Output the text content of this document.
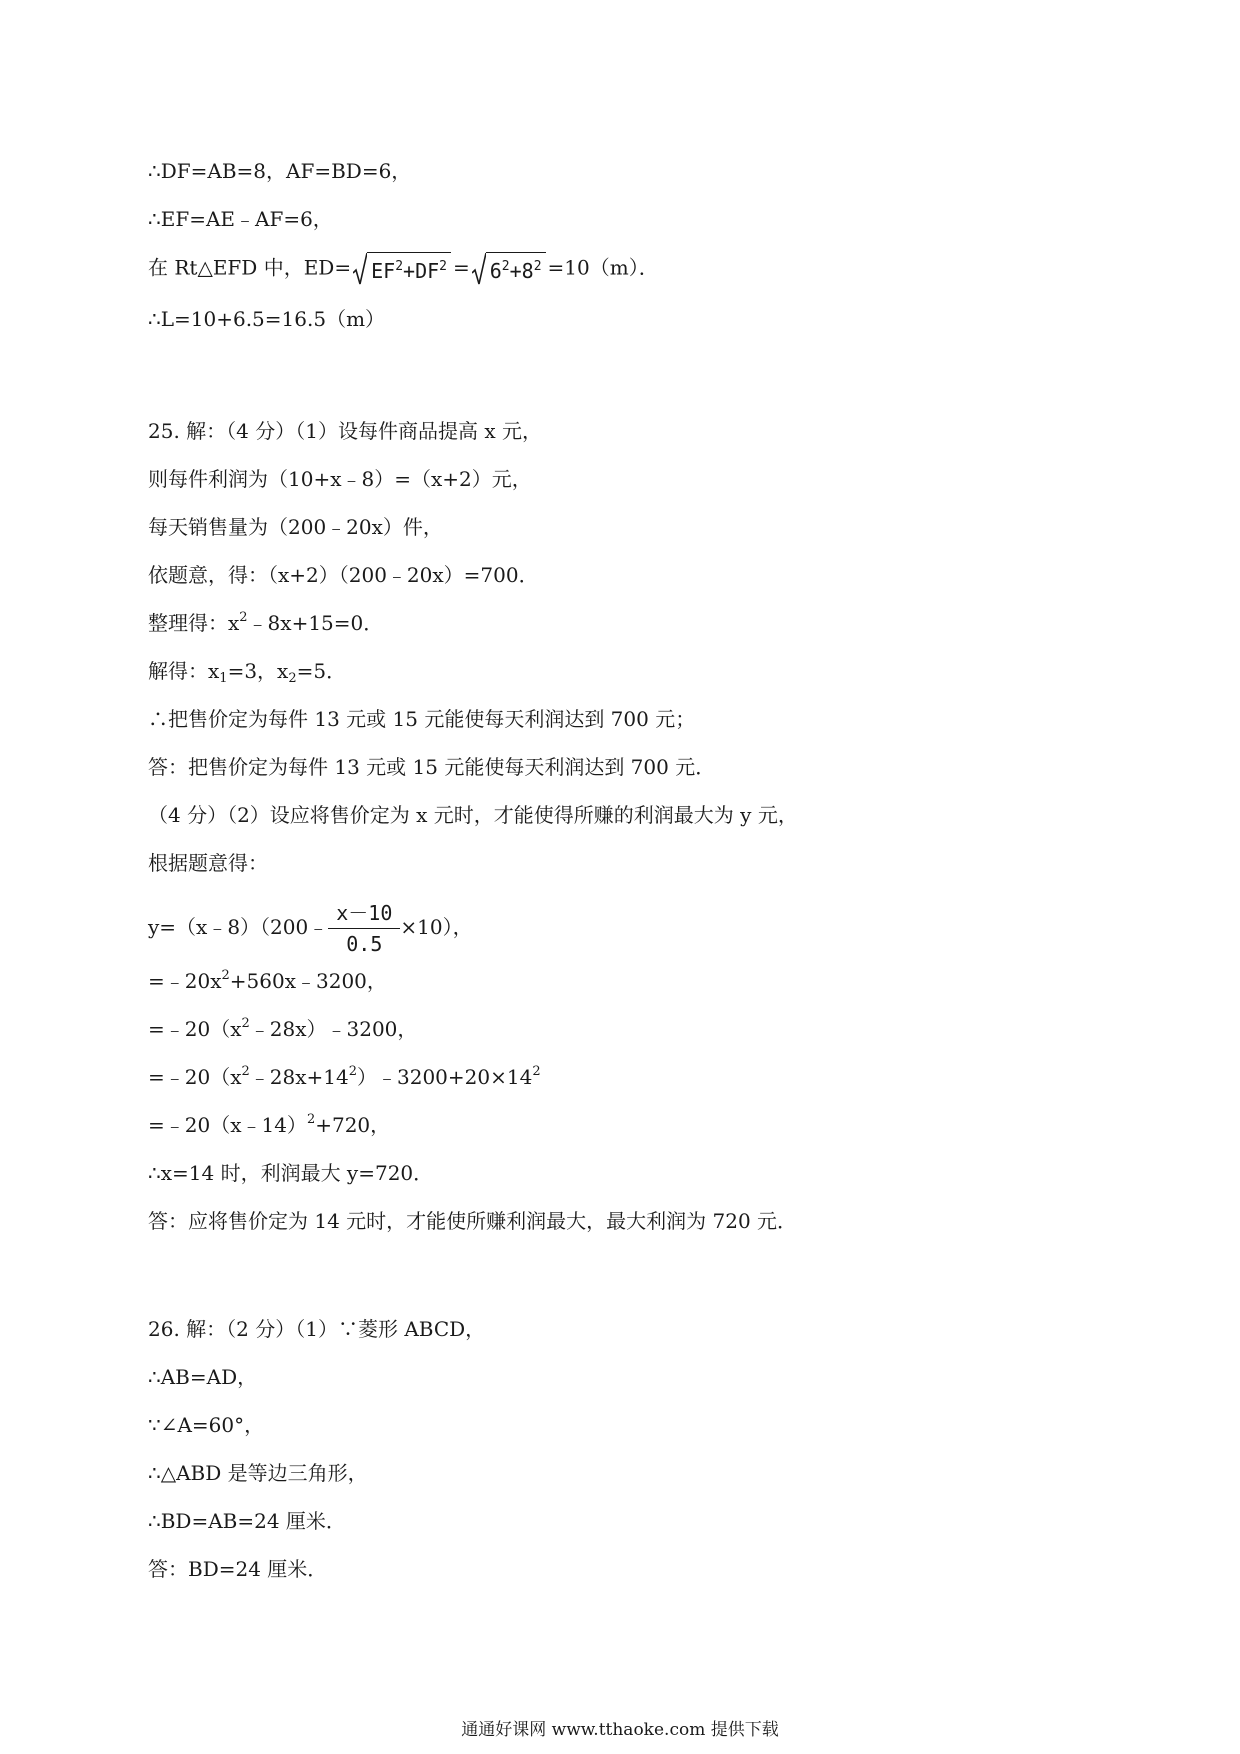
∴DF=AB=8，AF=BD=6，
∴EF=AE﹣AF=6，
在 Rt△EFD 中，$ED= EF^2+DF^2 = 6^2+8^2 =10(m)$．
∴L=10+6.5=16.5（m）
25. 解：（4 分）（1）设每件商品提高 x 元，
则每件利润为（10+x﹣8）=（x+2）元，
每天销售量为（200﹣20x）件，
依题意，得：（x+2）（200﹣20x）=700．
整理得：$x^2﹣8x+15=0$．
解得：$x_1=3$，$x_2=5$．
∴把售价定为每件 13 元或 15 元能使每天利润达到 700 元；
答：把售价定为每件 13 元或 15 元能使每天利润达到 700 元．
（4 分）（2）设应将售价定为 x 元时，才能使得所赚的利润最大为 y 元，
根据题意得：
y=（x﹣8）（200﹣ $\frac{x-10}{0.5} \times 10$），
$=﹣20x^2+560x﹣3200$，
$=﹣20(x^2﹣28x)﹣3200$，
$=﹣20(x^2﹣28x+14^2)﹣3200+20\times 14^2$
=﹣20（x﹣14）$^2$+720，
∴x=14 时，利润最大 y=720．
答：应将售价定为 14 元时，才能使所赚利润最大，最大利润为 720 元．
26. 解：（2 分）（1）∵菱形 ABCD，
∴AB=AD，
∵∠A=60°，
∴△ABD 是等边三角形，
∴BD=AB=24 厘米．
答：BD=24 厘米．
通通好课网 www.tthaoke.com 提供下载
